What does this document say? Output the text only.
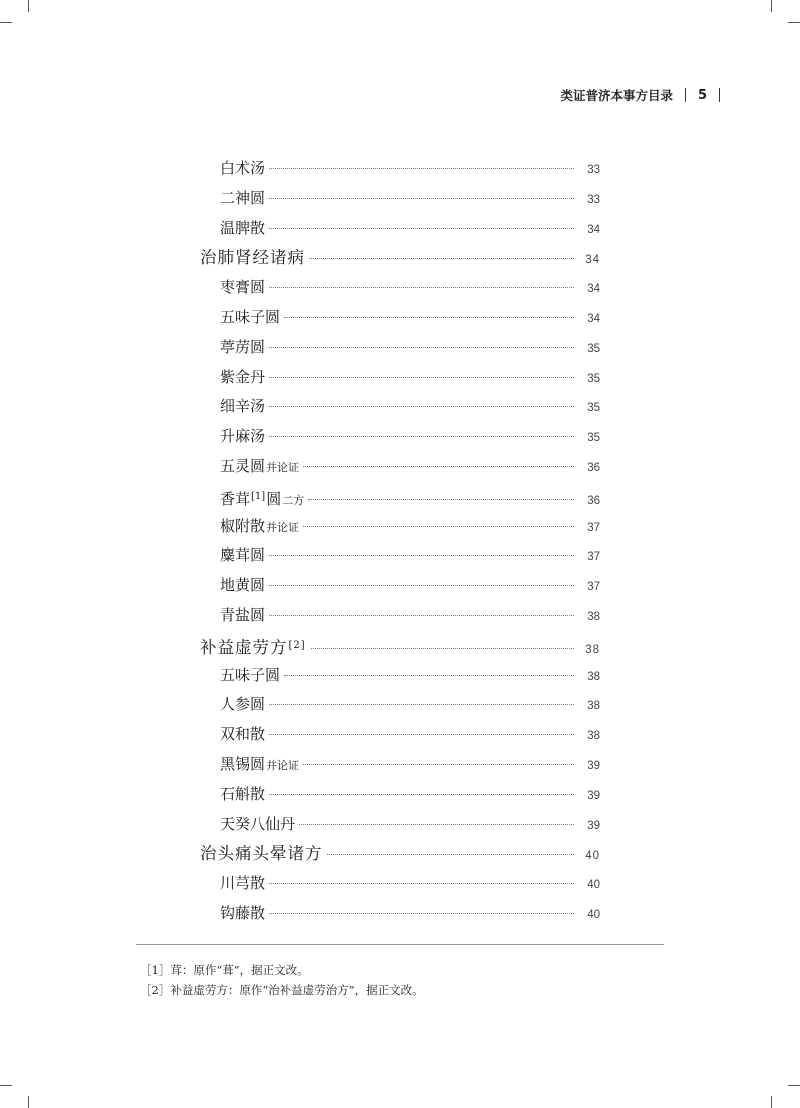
类证普济本事方目录 5
白术汤	33
二神圆	33
温脾散	34
治肺肾经诸病	34
枣膏圆	34
五味子圆	34
葶苈圆	35
紫金丹	35
细辛汤	35
升麻汤	35
五灵圆并论证	36
香茸[1]圆二方	36
椒附散并论证	37
麋茸圆	37
地黄圆	37
青盐圆	38
补益虚劳方[2]	38
五味子圆	38
人参圆	38
双和散	38
黑锡圆并论证	39
石斛散	39
天癸八仙丹	39
治头痛头晕诸方	40
川芎散	40
钩藤散	40
［1］茸：原作“葺”，据正文改。
［2］补益虚劳方：原作“治补益虚劳治方”，据正文改。
